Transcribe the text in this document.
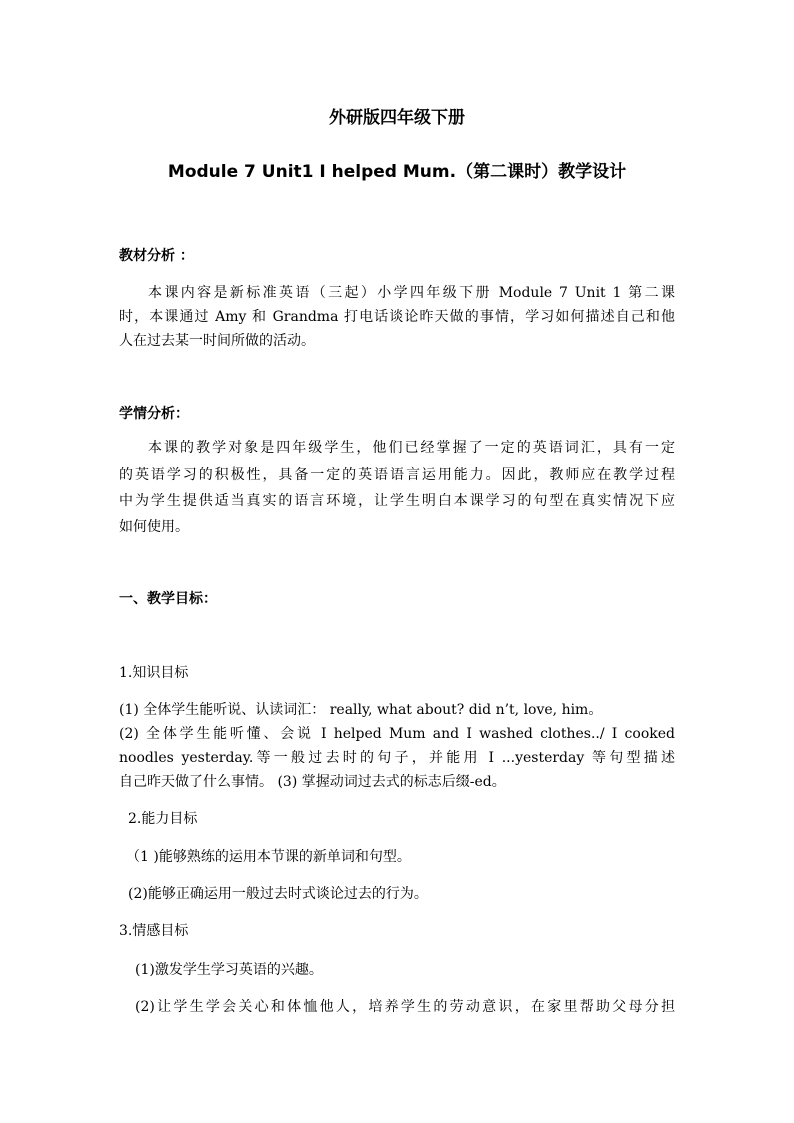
外研版四年级下册
Module 7 Unit1 I helped Mum.（第二课时）教学设计
教材分析 ：
本课内容是新标准英语（三起）小学四年级下册 Module 7 Unit 1 第二课
时，本课通过 Amy 和 Grandma 打电话谈论昨天做的事情，学习如何描述自己和他
人在过去某一时间所做的活动。
学情分析：
本课的教学对象是四年级学生，他们已经掌握了一定的英语词汇，具有一定
的英语学习的积极性，具备一定的英语语言运用能力。因此，教师应在教学过程
中为学生提供适当真实的语言环境，让学生明白本课学习的句型在真实情况下应
如何使用。
一、教学目标：
1.知识目标
(1) 全体学生能听说、认读词汇： really, what about? did n’t, love, him。
(2) 全体学生能听懂、会说 I helped Mum and I washed clothes../ I cooked
noodles yesterday.等一般过去时的句子，并能用 I ...yesterday 等句型描述
自己昨天做了什么事情。 (3) 掌握动词过去式的标志后缀-ed。
2.能力目标
（1 )能够熟练的运用本节课的新单词和句型。
(2)能够正确运用一般过去时式谈论过去的行为。
3.情感目标
(1)激发学生学习英语的兴趣。
(2)让学生学会关心和体恤他人，培养学生的劳动意识，在家里帮助父母分担
